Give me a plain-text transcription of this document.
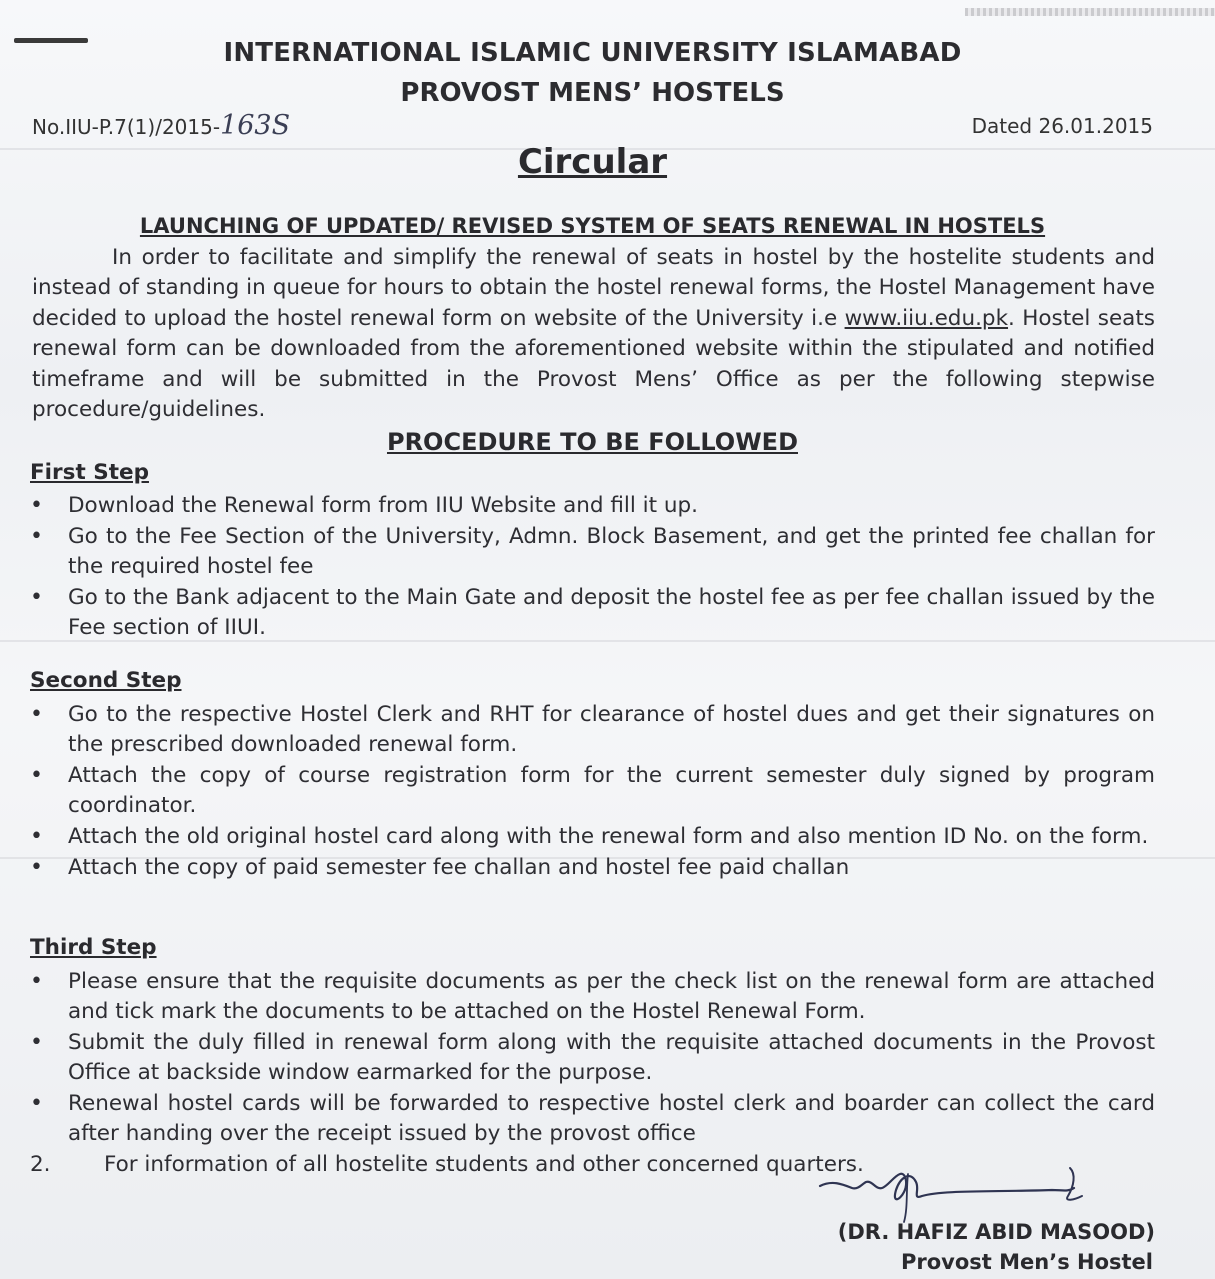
INTERNATIONAL ISLAMIC UNIVERSITY ISLAMABAD
PROVOST MENS’ HOSTELS
No.IIU-P.7(1)/2015-163S	Dated 26.01.2015
Circular
LAUNCHING OF UPDATED/ REVISED SYSTEM OF SEATS RENEWAL IN HOSTELS
In order to facilitate and simplify the renewal of seats in hostel by the hostelite students and instead of standing in queue for hours to obtain the hostel renewal forms, the Hostel Management have decided to upload the hostel renewal form on website of the University i.e www.iiu.edu.pk. Hostel seats renewal form can be downloaded from the aforementioned website within the stipulated and notified timeframe and will be submitted in the Provost Mens’ Office as per the following stepwise procedure/guidelines.
PROCEDURE TO BE FOLLOWED
First Step
•	Download the Renewal form from IIU Website and fill it up.
•	Go to the Fee Section of the University, Admn. Block Basement, and get the printed fee challan for the required hostel fee
•	Go to the Bank adjacent to the Main Gate and deposit the hostel fee as per fee challan issued by the Fee section of IIUI.
Second Step
•	Go to the respective Hostel Clerk and RHT for clearance of hostel dues and get their signatures on the prescribed downloaded renewal form.
•	Attach the copy of course registration form for the current semester duly signed by program coordinator.
•	Attach the old original hostel card along with the renewal form and also mention ID No. on the form.
•	Attach the copy of paid semester fee challan and hostel fee paid challan
Third Step
•	Please ensure that the requisite documents as per the check list on the renewal form are attached and tick mark the documents to be attached on the Hostel Renewal Form.
•	Submit the duly filled in renewal form along with the requisite attached documents in the Provost Office at backside window earmarked for the purpose.
•	Renewal hostel cards will be forwarded to respective hostel clerk and boarder can collect the card after handing over the receipt issued by the provost office
2. For information of all hostelite students and other concerned quarters.
(DR. HAFIZ ABID MASOOD)
Provost Men’s Hostel
